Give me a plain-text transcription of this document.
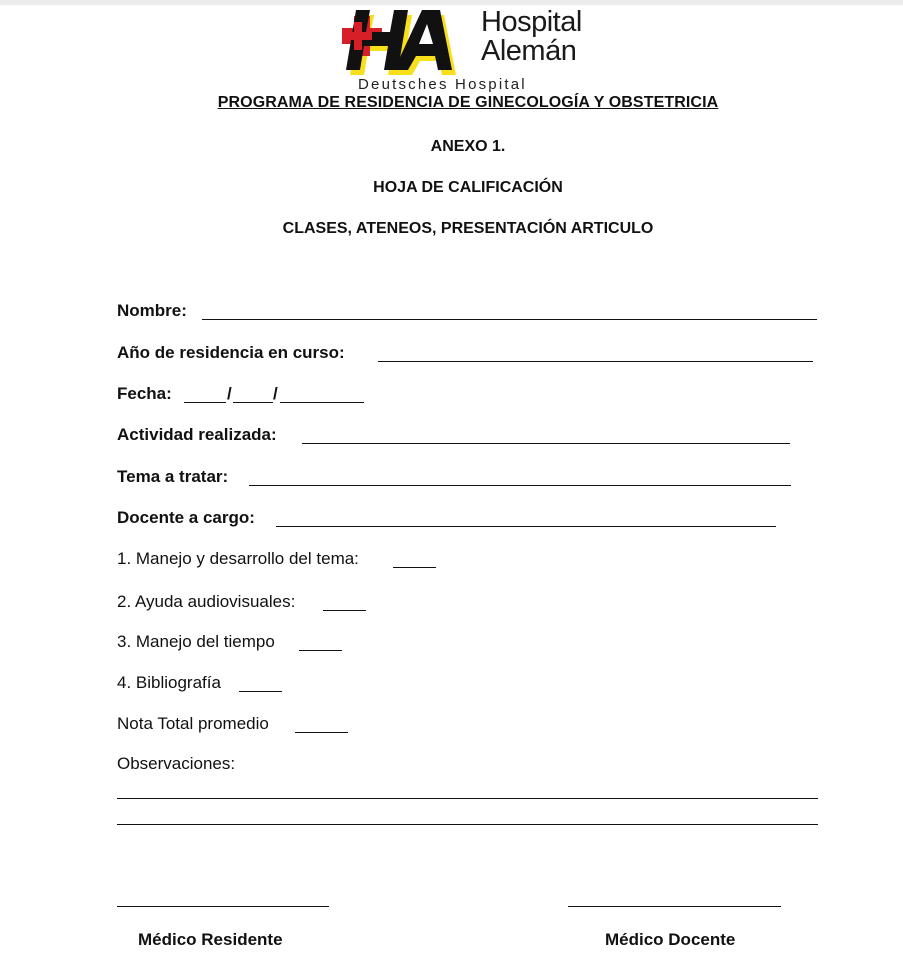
Hospital
Alemán
Deutsches Hospital
PROGRAMA DE RESIDENCIA DE GINECOLOGÍA Y OBSTETRICIA
ANEXO 1.
HOJA DE CALIFICACIÓN
CLASES, ATENEOS, PRESENTACIÓN ARTICULO
Nombre:
Año de residencia en curso:
Fecha:	/ /
Actividad realizada:
Tema a tratar:
Docente a cargo:
1. Manejo y desarrollo del tema:
2. Ayuda audiovisuales:
3. Manejo del tiempo
4. Bibliografía
Nota Total promedio
Observaciones:
Médico Residente	Médico Docente
